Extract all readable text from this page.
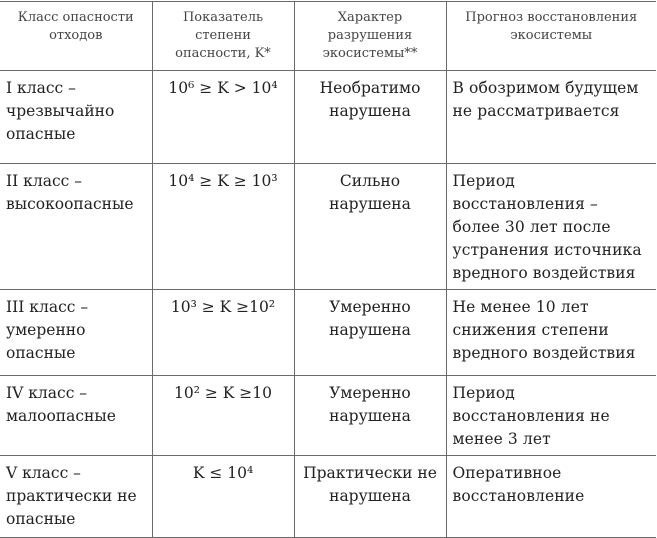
Класс опасности отходов	Показатель степени опасности, K*	Характер разрушения экосистемы**	Прогноз восстановления экосистемы
I класс – чрезвычайно опасные	10⁶ ≥ K > 10⁴	Необратимо нарушена	В обозримом будущем не рассматривается
II класс – высокоопасные	10⁴ ≥ K ≥ 10³	Сильно нарушена	Период восстановления – более 30 лет после устранения источника вредного воздействия
III класс – умеренно опасные	10³ ≥ K ≥10²	Умеренно нарушена	Не менее 10 лет снижения степени вредного воздействия
IV класс – малоопасные	10² ≥ K ≥10	Умеренно нарушена	Период восстановления не менее 3 лет
V класс – практически не опасные	K ≤ 10⁴	Практически не нарушена	Оперативное восстановление
